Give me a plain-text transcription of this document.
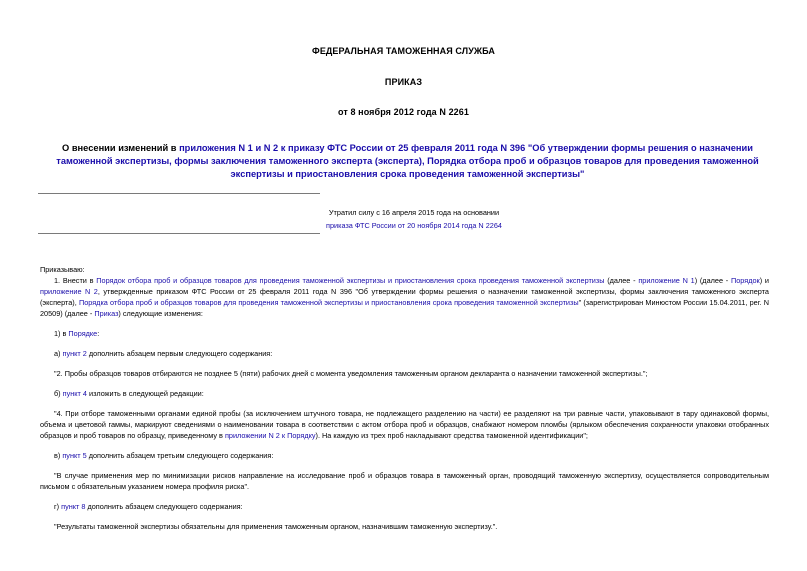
ФЕДЕРАЛЬНАЯ ТАМОЖЕННАЯ СЛУЖБА
ПРИКАЗ
от 8 ноября 2012 года N 2261
О внесении изменений в приложения N 1 и N 2 к приказу ФТС России от 25 февраля 2011 года N 396 "Об утверждении формы решения о назначении таможенной экспертизы, формы заключения таможенного эксперта (эксперта), Порядка отбора проб и образцов товаров для проведения таможенной экспертизы и приостановления срока проведения таможенной экспертизы"
Утратил силу с 16 апреля 2015 года на основании
приказа ФТС России от 20 ноября 2014 года N 2264

Приказываю:

1. Внести в Порядок отбора проб и образцов товаров для проведения таможенной экспертизы и приостановления срока проведения таможенной экспертизы (далее - приложение N 1) (далее - Порядок) и приложение N 2, утвержденные приказом ФТС России от 25 февраля 2011 года N 396 "Об утверждении формы решения о назначении таможенной экспертизы, формы заключения таможенного эксперта (эксперта), Порядка отбора проб и образцов товаров для проведения таможенной экспертизы и приостановления срока проведения таможенной экспертизы" (зарегистрирован Минюстом России 15.04.2011, рег. N 20509) (далее - Приказ) следующие изменения:

1) в Порядке:

а) пункт 2 дополнить абзацем первым следующего содержания:

"2. Пробы образцов товаров отбираются не позднее 5 (пяти) рабочих дней с момента уведомления таможенным органом декларанта о назначении таможенной экспертизы.";

б) пункт 4 изложить в следующей редакции:

"4. При отборе таможенными органами единой пробы (за исключением штучного товара, не подлежащего разделению на части) ее разделяют на три равные части, упаковывают в тару одинаковой формы, объема и цветовой гаммы, маркируют сведениями о наименовании товара в соответствии с актом отбора проб и образцов, снабжают номером пломбы (ярлыком обеспечения сохранности упаковки отобранных образцов и проб товаров по образцу, приведенному в приложении N 2 к Порядку). На каждую из трех проб накладывают средства таможенной идентификации";

в) пункт 5 дополнить абзацем третьим следующего содержания:

"В случае применения мер по минимизации рисков направление на исследование проб и образцов товара в таможенный орган, проводящий таможенную экспертизу, осуществляется сопроводительным письмом с обязательным указанием номера профиля риска".

г) пункт 8 дополнить абзацем следующего содержания:

"Результаты таможенной экспертизы обязательны для применения таможенным органом, назначившим таможенную экспертизу.".
